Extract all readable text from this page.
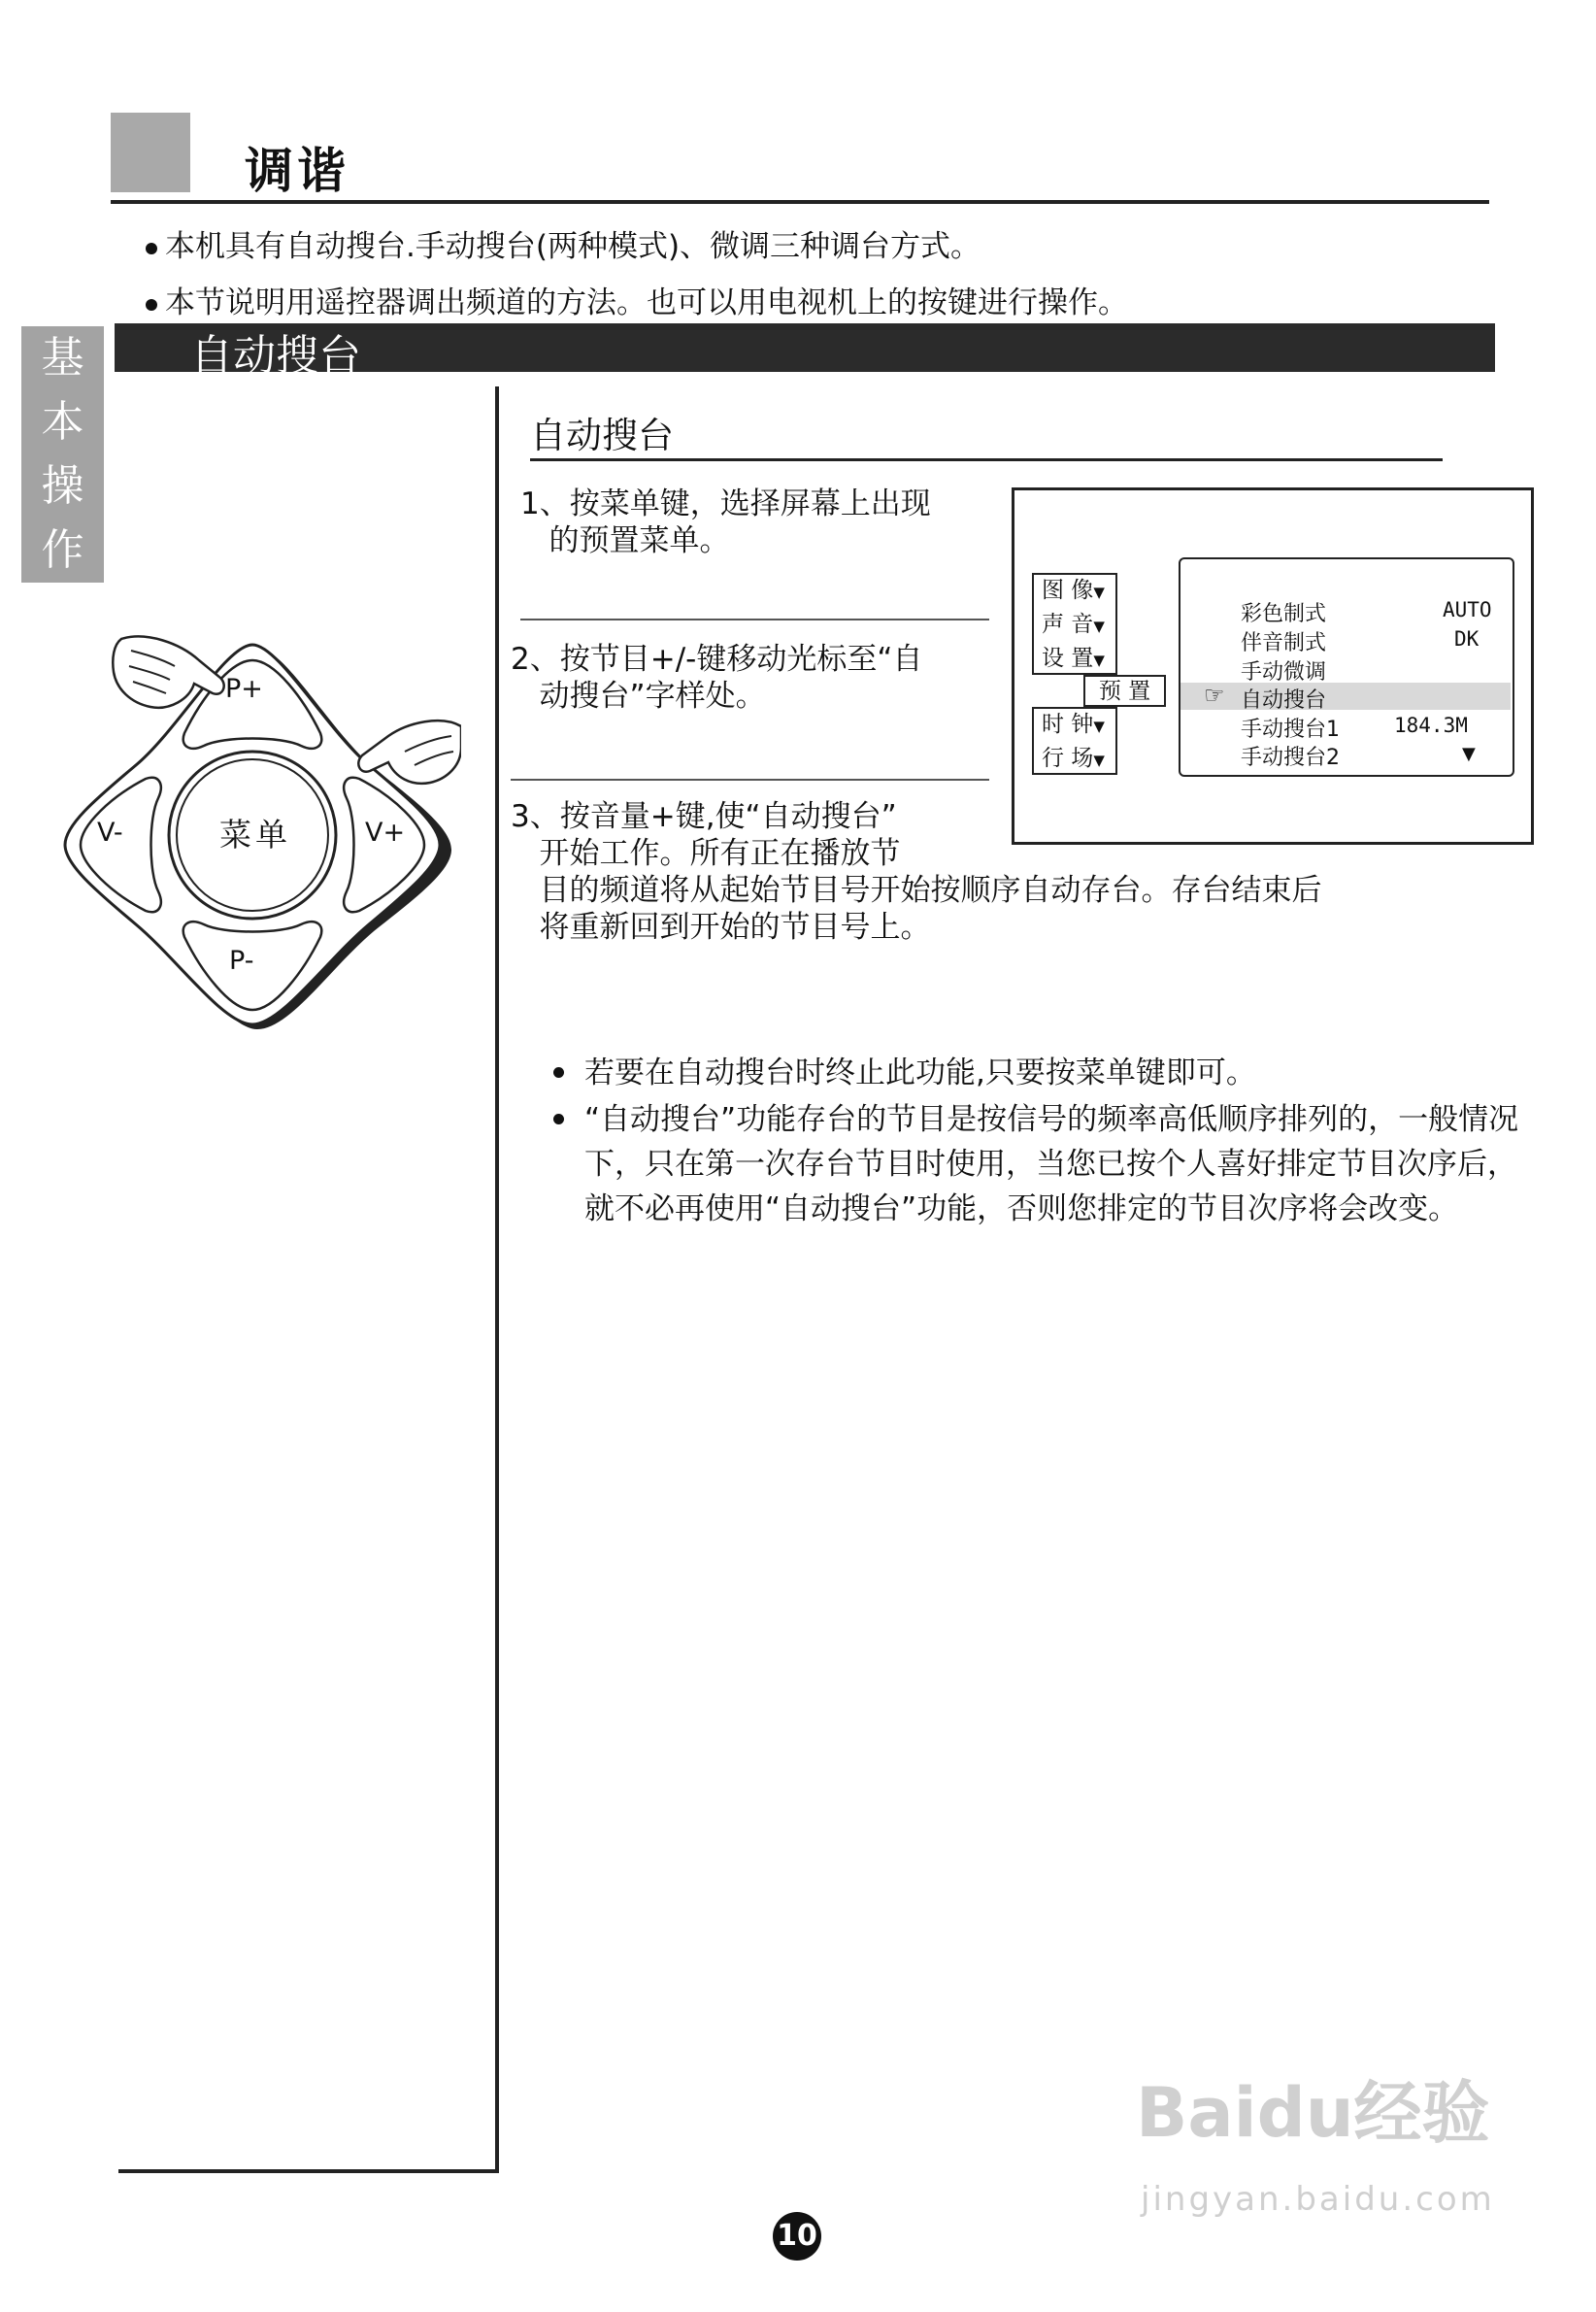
调谐
本机具有自动搜台.手动搜台(两种模式)、微调三种调台方式。
本节说明用遥控器调出频道的方法。也可以用电视机上的按键进行操作。
基
本
操
作
自动搜台
P+
P-
V-	V+
菜单
自动搜台
1、按菜单键，选择屏幕上出现
的预置菜单。
2、按节目+/-键移动光标至“自
动搜台”字样处。
3、按音量+键,使“自动搜台”
开始工作。所有正在播放节
目的频道将从起始节目号开始按顺序自动存台。存台结束后
将重新回到开始的节目号上。
图 像▼
声 音▼
设 置▼
预 置
时 钟▼
行 场▼
☞
彩色制式	AUTO
伴音制式	DK
手动微调
自动搜台
手动搜台1	184.3M
手动搜台2	▼
若要在自动搜台时终止此功能,只要按菜单键即可。
“自动搜台”功能存台的节目是按信号的频率高低顺序排列的，一般情况下，只在第一次存台节目时使用，当您已按个人喜好排定节目次序后，就不必再使用“自动搜台”功能，否则您排定的节目次序将会改变。
Baidu经验
jingyan.baidu.com
10
